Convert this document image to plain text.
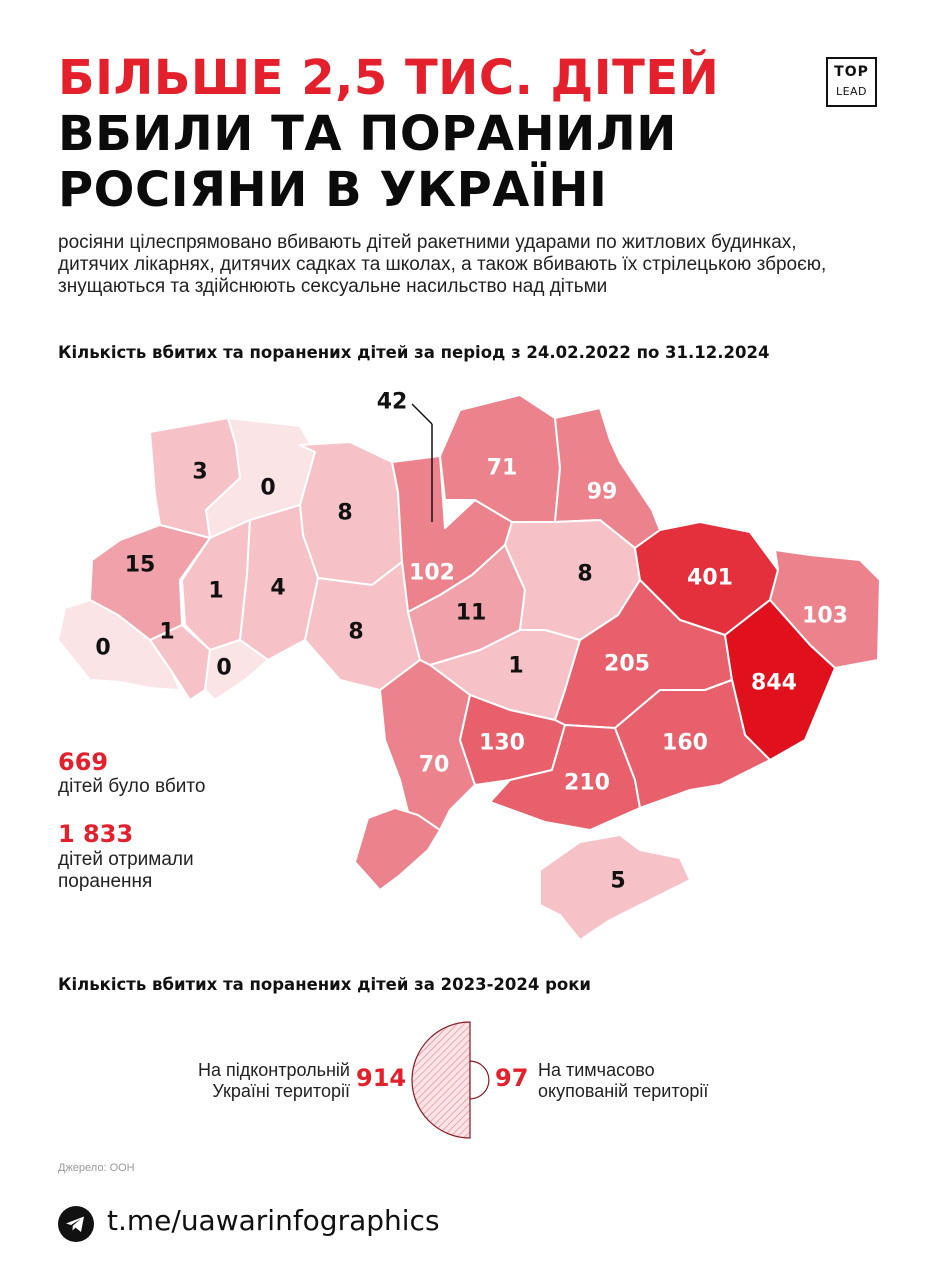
БІЛЬШЕ 2,5 ТИС. ДІТЕЙ
ВБИЛИ ТА ПОРАНИЛИ
РОСІЯНИ В УКРАЇНІ
TOP
LEAD

росіяни цілеспрямовано вбивають дітей ракетними ударами по житлових будинках, дитячих лікарнях, дитячих садках та школах, а також вбивають їх стрілецькою зброєю, знущаються та здійснюють сексуальне насильство над дітьми

Кількість вбитих та поранених дітей за період з 24.02.2022 по 31.12.2024

3
0
8
102
42
71
99
15
1 4
8
11
8	401
103
0
1
0	1	205
844
70
130
210
160
5

669

дітей було вбито

1 833

дітей отримали

поранення

Кількість вбитих та поранених дітей за 2023-2024 роки

На підконтрольній
Україні території 914	97 На тимчасово
окупованій території

Джерело: ООН

t.me/uawarinfographics
